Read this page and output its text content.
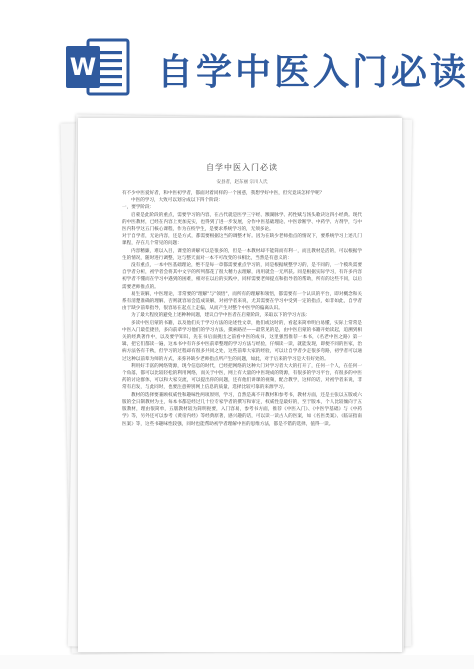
W 自学中医入门必读
自学中医入门必读
安县者，赵东丽 宗川人氏

有不少中医爱好者，和中医初学者，都面对着同样的一个困惑，我想学好中医，但究竟该怎样学呢？

中医的学习，大致可以划分成以下四个阶段：

一，要学阶段：

启蒙是此阶段的重点，需要学习的内容，在古代就是医学三字经、濒湖脉学、药性赋与汤头歌诀这四小经典。现代的中医教材，已经在内容上更加充实，也得到了进一步发展，分作中医基础理论、中医诊断学、中药学、方剂学，与中医内科学这五门核心课程，作为在校学生，是要求系统学习的，无须多论。

对于自学者，无论内容，还是方式，都需要根据这当的调整才好。因为在缺少老师指点的情况下，要系统学习上述几门课程，存在几个常见的问题：

内容精廉，难以入目，课堂的讲解可以是很多的，但是一本教材却不能简而有利一，而且教材是活的，可以根据学生的情况，随时进行调整，这与整天面对一本不可改变的书相比，当然是有意义的：

没有重点，一本中医基础理论，绝不是每一章都需要重点学习的，同是根据统整学习的，是不同的，一个模块需要自学者分析，初学者会将其中文字的所列都花了很大精力去理解，再用就会一无所获。同是根据实际学习，有许多内容初学者不懂而在学习中遇到的困难，相对在以后的实践中，同样需要老师提点和指导者的帮助，所有的这些不同，以后需要老师推点的。

易生误解，中医理论，非常要的"理解"与"领悟"，而所有的理解和领悟，都需要有一个认识的平台，即对概念和关系有清楚准确的理解，否则就容易会造成误解，对初学者来说，尤其需要在学习中受到一定的指点，如非如此，自学者由于缺少前辈指导，很容易在起点上走偏，从而产生对整个中医学的偏离认识。

为了最大程度的避免上述种种问题，建议自学中医者在启蒙阶段，采取以下的学习方法：

多读中医启蒙的书籍，以及他们关于学习方法的论述性文章，他们或这时的，看起来简单明白易懂，实际上常常是中医入门最佳捷径，多向前辈学习他们的学习方法，摸索路径——最常见的是，由中医启蒙的书籍开始读起，追溯到相关的经典著作中，以及要学知识，先在书后面挑出之前看中医的成书，这里强烈推荐一本书，《名老中医之路》第一辑，把它们都读一遍，这本书中有许多中医前辈整理的学习方法与经验，仔细读一读，就能发现，即便不同的医家，治病方法各有千秋，但学习的过程却有很多共同之处，这些前辈大家的经验，可以让自学者少走很多弯路，初学者可以通过这种以前辈为师的方式，来弥补缺少老师指点所产生的问题，如此，对于后来的学习是大有好处的。

利用好丰富的网络资源，现今信息的时代，已经把网络的这种大门对学习者大大的打开了，任何一个人，在任何一个角落，都可以比较轻松的利用网络，而关于中医，网上有大量的中医现成的资源，有很多的学习平台，有很多的中医药的讨论群体，可以和大家交流，可以提出你的问题，还有他们讲课的视频，配合教学，这样的话，对初学者来说，非常有启发，与此同时，也要注意辨别网上信息的质量，选择比较可靠的来源学习。

教材的选择要兼顾权威性和趣味性两项原则，学习，自然是离不开教材和参考书，教材方面，还是主张以五版或六版的全日制教材为主，每本书都是经过几十位专家学者的撰写和审定，权威性是最好的，至于版本，个人比较倾向于五版教材，理由很简单，五版教材较为简明扼要，入门容易，参考书方面，推荐《中医入门》、《中医学基础》与《中药学》等，另外还可以参考《黄帝内经》等经典原著，感兴趣的话，可以读一读古人的医案，如《名医类案》、《临证指南医案》等，这些书趣味性较强，同时也能帮助初学者理解中医的思维方法，都是不错的选择，值得一读。
